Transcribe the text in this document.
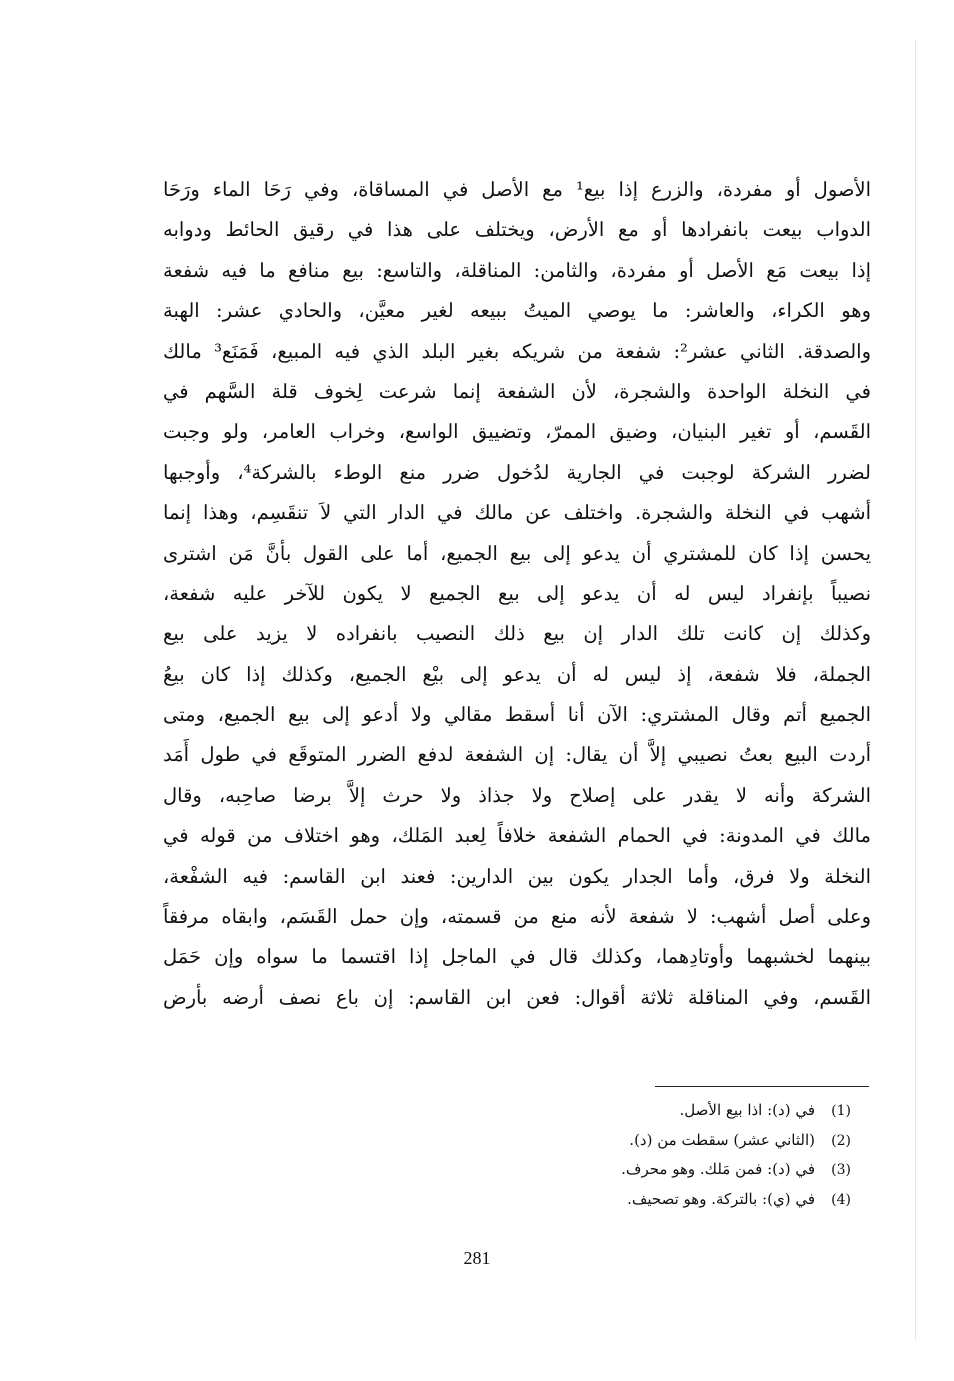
الأصول أو مفردة، والزرع إذا بيع¹ مع الأصل في المساقاة، وفي رَحَا الماء ورَحَا
الدواب بيعت بانفرادها أو مع الأرض، ويختلف على هذا في رقيق الحائط ودوابه
إذا بيعت مَع الأصل أو مفردة، والثامن: المناقلة، والتاسع: بيع منافع ما فيه شفعة
وهو الكراء، والعاشر: ما يوصي الميتُ ببيعه لغير معيَّن، والحادي عشر: الهبة
والصدقة. الثاني عشر²: شفعة من شريكه بغير البلد الذي فيه المبيع، فَمَنَع³ مالك
في النخلة الواحدة والشجرة، لأن الشفعة إنما شرعت لِخوف قلة السَّهم في
القَسم، أو تغير البنيان، وضيق الممرّ، وتضييق الواسع، وخراب العامر، ولو وجبت
لضرر الشركة لوجبت في الجارية لدُخول ضرر منع الوطء بالشركة⁴، وأوجبها
أشهب في النخلة والشجرة. واختلف عن مالك في الدار التي لاَ تنقَسِم، وهذا إنما
يحسن إذا كان للمشتري أن يدعو إلى بيع الجميع، أما على القول بأنَّ مَن اشترى
نصيباً بإنفراد ليس له أن يدعو إلى بيع الجميع لا يكون للآخر عليه شفعة،
وكذلك إن كانت تلك الدار إن بيع ذلك النصيب بانفراده لا يزيد على بيع
الجملة، فلا شفعة، إذ ليس له أن يدعو إلى بيْع الجميع، وكذلك إذا كان بيعُ
الجميع أتم وقال المشتري: الآن أنا أسقط مقالي ولا أدعو إلى بيع الجميع، ومتى
أردت البيع بعتُ نصيبي إلاَّ أن يقال: إن الشفعة لدفع الضرر المتوقَع في طول أَمَد
الشركة وأنه لا يقدر على إصلاح ولا جذاذ ولا حرث إلاَّ برضا صاحِبه، وقال
مالك في المدونة: في الحمام الشفعة خلافاً لِعبد المَلك، وهو اختلاف من قوله في
النخلة ولا فرق، وأما الجدار يكون بين الدارين: فعند ابن القاسم: فيه الشفْعة،
وعلى أصل أشهب: لا شفعة لأنه منع من قسمته، وإن حمل القَسَم، وابقاه مرفقاً
بينهما لخشبهما وأوتادِهما، وكذلك قال في الماجل إذا اقتسما ما سواه وإن حَمَل
القَسم، وفي المناقلة ثلاثة أقوال: فعن ابن القاسم: إن باع نصف أرضه بأرض
(1)
في (د): اذا بيع الأصل.
(2)
(الثاني عشر) سقطت من (د).
(3)
في (د): فمن مَلك. وهو محرف.
(4)
في (ي): بالتركة. وهو تصحيف.
281
